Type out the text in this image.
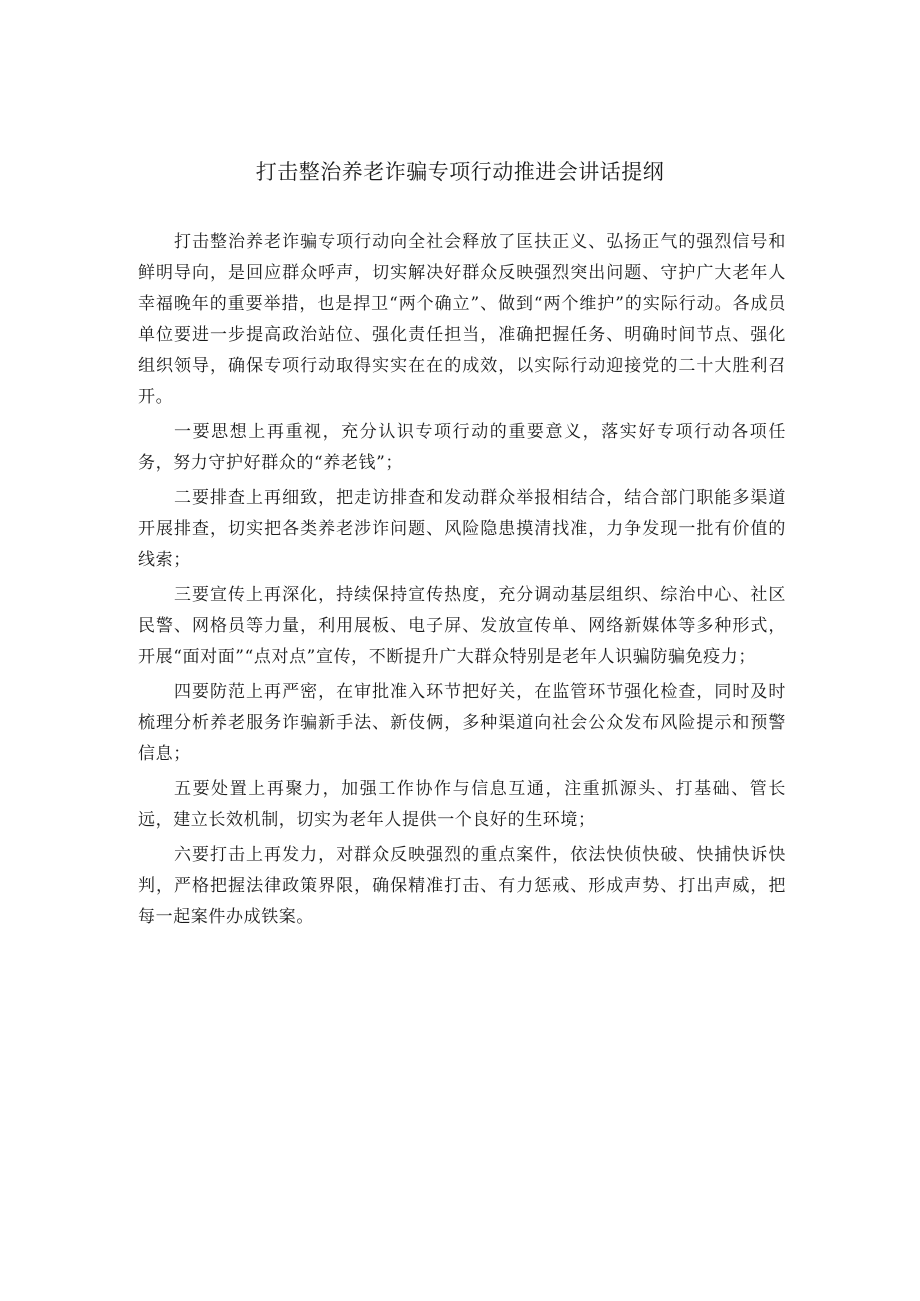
打击整治养老诈骗专项行动推进会讲话提纲

打击整治养老诈骗专项行动向全社会释放了匡扶正义、弘扬正气的强烈信号和鲜明导向，是回应群众呼声，切实解决好群众反映强烈突出问题、守护广大老年人幸福晚年的重要举措，也是捍卫“两个确立”、做到“两个维护”的实际行动。各成员单位要进一步提高政治站位、强化责任担当，准确把握任务、明确时间节点、强化组织领导，确保专项行动取得实实在在的成效，以实际行动迎接党的二十大胜利召开。

一要思想上再重视，充分认识专项行动的重要意义，落实好专项行动各项任务，努力守护好群众的“养老钱”；

二要排查上再细致，把走访排查和发动群众举报相结合，结合部门职能多渠道开展排查，切实把各类养老涉诈问题、风险隐患摸清找准，力争发现一批有价值的线索；

三要宣传上再深化，持续保持宣传热度，充分调动基层组织、综治中心、社区民警、网格员等力量，利用展板、电子屏、发放宣传单、网络新媒体等多种形式，开展“面对面”“点对点”宣传，不断提升广大群众特别是老年人识骗防骗免疫力；

四要防范上再严密，在审批准入环节把好关，在监管环节强化检查，同时及时梳理分析养老服务诈骗新手法、新伎俩，多种渠道向社会公众发布风险提示和预警信息；

五要处置上再聚力，加强工作协作与信息互通，注重抓源头、打基础、管长远，建立长效机制，切实为老年人提供一个良好的生环境；

六要打击上再发力，对群众反映强烈的重点案件，依法快侦快破、快捕快诉快判，严格把握法律政策界限，确保精准打击、有力惩戒、形成声势、打出声威，把每一起案件办成铁案。
